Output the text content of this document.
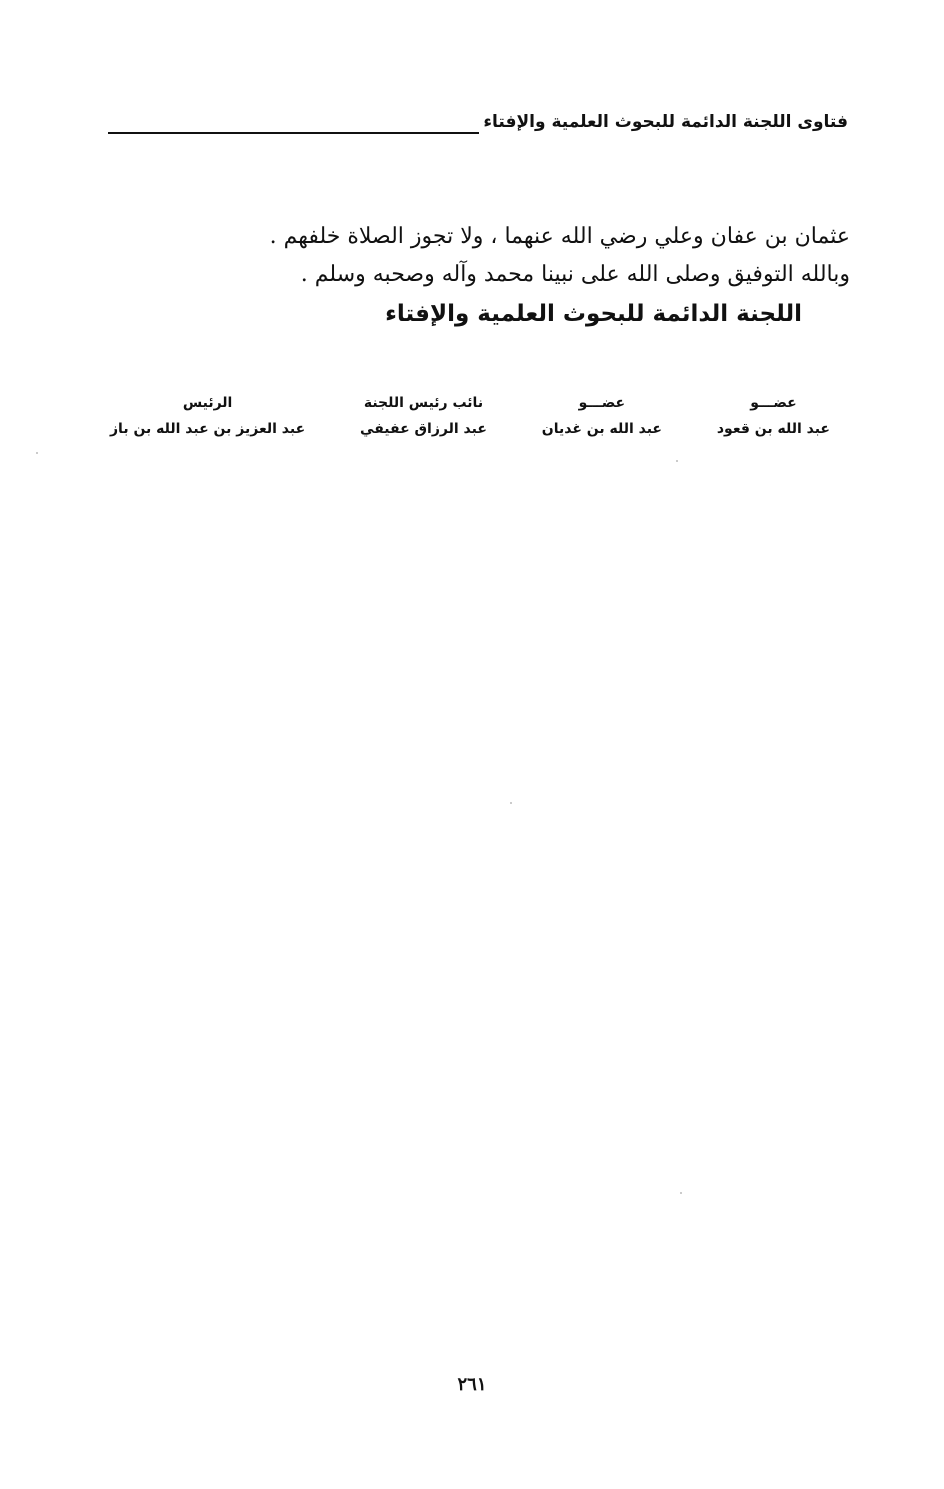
فتاوى اللجنة الدائمة للبحوث العلمية والإفتاء
عثمان بن عفان وعلي رضي الله عنهما ، ولا تجوز الصلاة خلفهم .
وبالله التوفيق وصلى الله على نبينا محمد وآله وصحبه وسلم .
اللجنة الدائمة للبحوث العلمية والإفتاء
عضـــو
عبد الله بن قعود
عضـــو
عبد الله بن غديان
نائب رئيس اللجنة
عبد الرزاق عفيفي
الرئيس
عبد العزيز بن عبد الله بن باز
٢٦١
